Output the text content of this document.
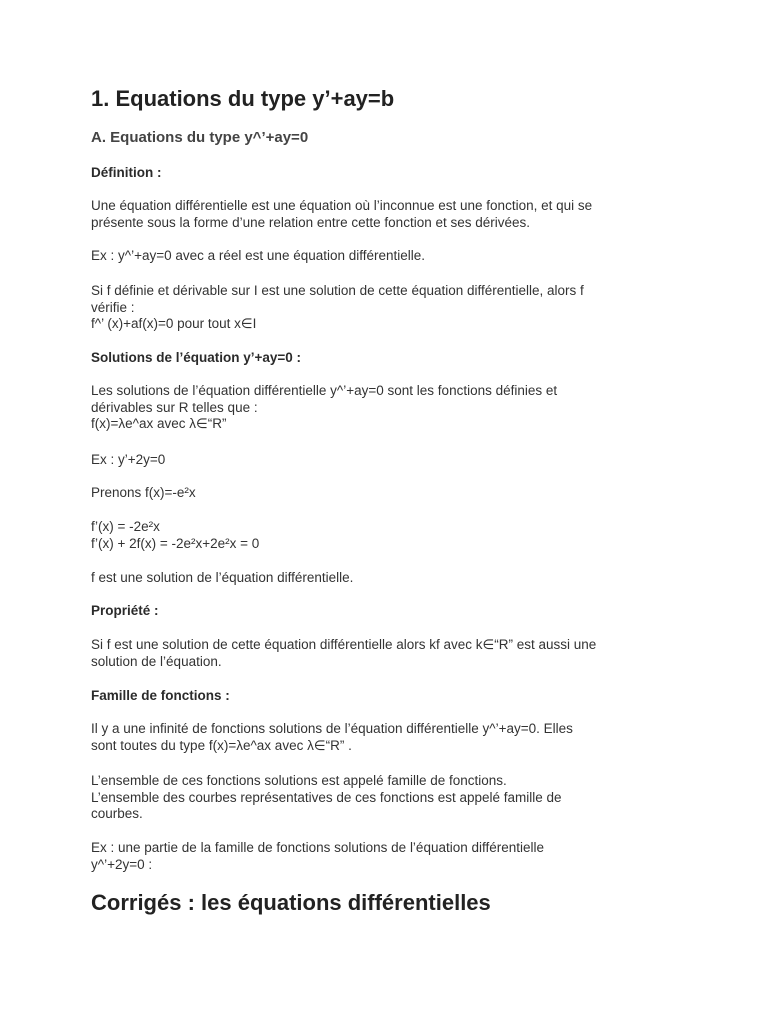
1. Equations du type y’+ay=b
A. Equations du type y^’+ay=0

Définition :

Une équation différentielle est une équation où l’inconnue est une fonction, et qui se
présente sous la forme d’une relation entre cette fonction et ses dérivées.

Ex : y^’+ay=0 avec a réel est une équation différentielle.

Si f définie et dérivable sur I est une solution de cette équation différentielle, alors f
vérifie :
f^’ (x)+af(x)=0 pour tout x∈I

Solutions de l’équation y’+ay=0 :

Les solutions de l’équation différentielle y^’+ay=0 sont les fonctions définies et
dérivables sur R telles que :
f(x)=λe^ax avec λ∈“R”

Ex : y’+2y=0

Prenons f(x)=-e²x

f’(x) = -2e²x
f’(x) + 2f(x) = -2e²x+2e²x = 0

f est une solution de l’équation différentielle.

Propriété :

Si f est une solution de cette équation différentielle alors kf avec k∈“R” est aussi une
solution de l’équation.

Famille de fonctions :

Il y a une infinité de fonctions solutions de l’équation différentielle y^’+ay=0. Elles
sont toutes du type f(x)=λe^ax avec λ∈“R” .

L’ensemble de ces fonctions solutions est appelé famille de fonctions.
L’ensemble des courbes représentatives de ces fonctions est appelé famille de
courbes.

Ex : une partie de la famille de fonctions solutions de l’équation différentielle
y^’+2y=0 :

Corrigés : les équations différentielles
